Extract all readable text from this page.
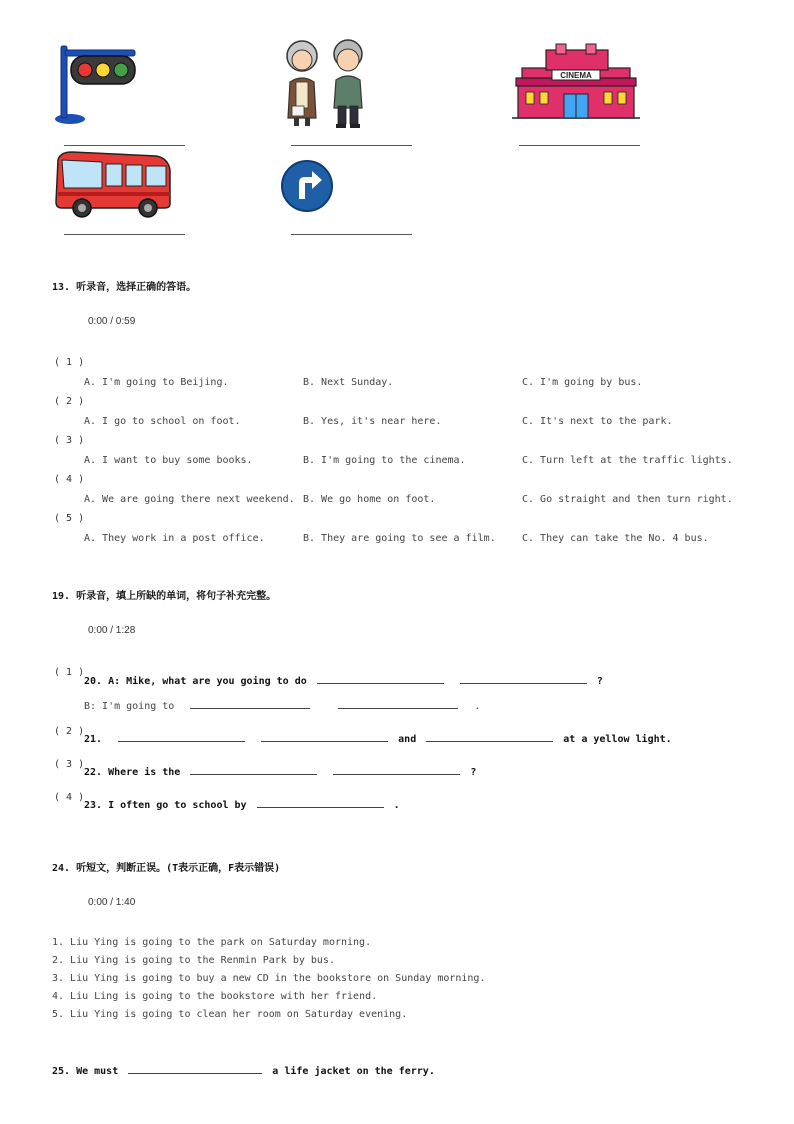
CINEMA
13. 听录音，选择正确的答语。
0:00 / 0:59
( 1 )
A. I'm going to Beijing.	B. Next Sunday.	C. I'm going by bus.
( 2 )
A. I go to school on foot.	B. Yes, it's near here.	C. It's next to the park.
( 3 )
A. I want to buy some books.	B. I'm going to the cinema.	C. Turn left at the traffic lights.
( 4 )
A. We are going there next weekend. B. We go home on foot.	C. Go straight and then turn right.
( 5 )
A. They work in a post office.	B. They are going to see a film.	C. They can take the No. 4 bus.
19. 听录音，填上所缺的单词，将句子补充完整。
0:00 / 1:28
( 1 )
20. A: Mike, what are you going to do	?
B: I'm going to	.
( 2 )
21.	and	at a yellow light.
( 3 )
22. Where is the	?
( 4 )
23. I often go to school by	.
24. 听短文，判断正误。(T表示正确，F表示错误)
0:00 / 1:40
1. Liu Ying is going to the park on Saturday morning.
2. Liu Ying is going to the Renmin Park by bus.
3. Liu Ying is going to buy a new CD in the bookstore on Sunday morning.
4. Liu Ling is going to the bookstore with her friend.
5. Liu Ying is going to clean her room on Saturday evening.
25. We must	a life jacket on the ferry.
